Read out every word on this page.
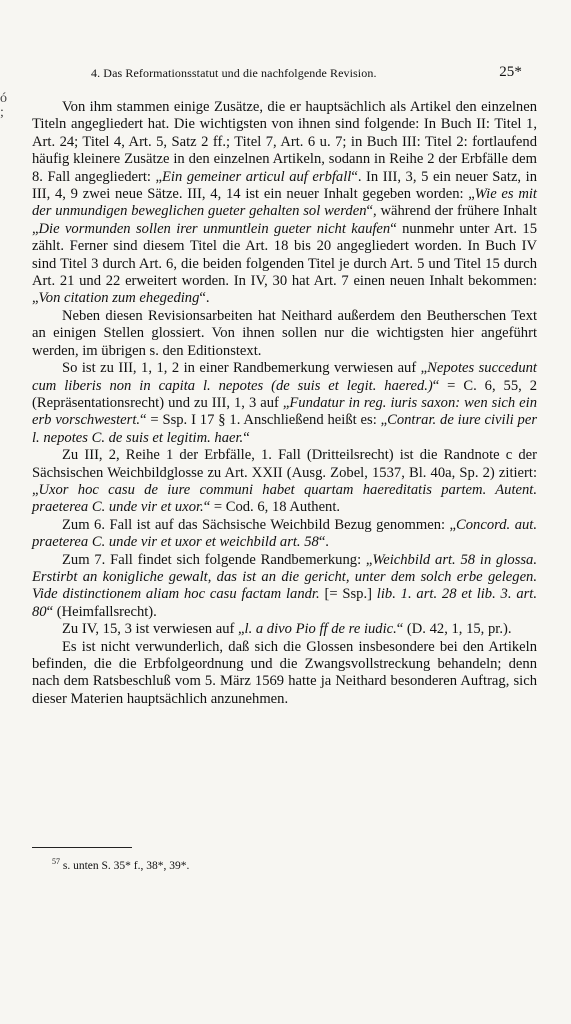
ó
;
4. Das Reformationsstatut und die nachfolgende Revision.	25*

Von ihm stammen einige Zusätze, die er hauptsächlich als Artikel den einzelnen Titeln angegliedert hat. Die wichtigsten von ihnen sind folgende: In Buch II: Titel 1, Art. 24; Titel 4, Art. 5, Satz 2 ff.; Titel 7, Art. 6 u. 7; in Buch III: Titel 2: fortlaufend häufig kleinere Zusätze in den einzelnen Artikeln, sodann in Reihe 2 der Erbfälle dem 8. Fall angegliedert: „Ein gemeiner articul auf erbfall“. In III, 3, 5 ein neuer Satz, in III, 4, 9 zwei neue Sätze. III, 4, 14 ist ein neuer Inhalt gegeben worden: „Wie es mit der unmundigen beweglichen gueter gehalten sol werden“, während der frühere Inhalt „Die vormunden sollen irer unmuntlein gueter nicht kaufen“ nunmehr unter Art. 15 zählt. Ferner sind diesem Titel die Art. 18 bis 20 angegliedert worden. In Buch IV sind Titel 3 durch Art. 6, die beiden folgenden Titel je durch Art. 5 und Titel 15 durch Art. 21 und 22 erweitert worden. In IV, 30 hat Art. 7 einen neuen Inhalt bekommen: „Von citation zum ehegeding“.

Neben diesen Revisionsarbeiten hat Neithard außerdem den Beutherschen Text an einigen Stellen glossiert. Von ihnen sollen nur die wichtigsten hier angeführt werden, im übrigen s. den Editionstext.

So ist zu III, 1, 1, 2 in einer Randbemerkung verwiesen auf „Nepotes succedunt cum liberis non in capita l. nepotes (de suis et legit. haered.)“ = C. 6, 55, 2 (Repräsentationsrecht) und zu III, 1, 3 auf „Fundatur in reg. iuris saxon: wen sich ein erb vorschwestert.“ = Ssp. I 17 § 1. Anschließend heißt es: „Contrar. de iure civili per l. nepotes C. de suis et legitim. haer.“

Zu III, 2, Reihe 1 der Erbfälle, 1. Fall (Dritteilsrecht) ist die Randnote c der Sächsischen Weichbildglosse zu Art. XXII (Ausg. Zobel, 1537, Bl. 40a, Sp. 2) zitiert: „Uxor hoc casu de iure communi habet quartam haereditatis partem. Autent. praeterea C. unde vir et uxor.“ = Cod. 6, 18 Authent.

Zum 6. Fall ist auf das Sächsische Weichbild Bezug genommen: „Concord. aut. praeterea C. unde vir et uxor et weichbild art. 58“.

Zum 7. Fall findet sich folgende Randbemerkung: „Weichbild art. 58 in glossa. Erstirbt an konigliche gewalt, das ist an die gericht, unter dem solch erbe gelegen. Vide distinctionem aliam hoc casu factam landr. [= Ssp.] lib. 1. art. 28 et lib. 3. art. 80“ (Heimfallsrecht).

Zu IV, 15, 3 ist verwiesen auf „l. a divo Pio ff de re iudic.“ (D. 42, 1, 15, pr.).

Es ist nicht verwunderlich, daß sich die Glossen insbesondere bei den Artikeln befinden, die die Erbfolgeordnung und die Zwangsvollstreckung behandeln; denn nach dem Ratsbeschluß vom 5. März 1569 hatte ja Neithard besonderen Auftrag, sich dieser Materien hauptsächlich anzunehmen.

$^{57}$ s. unten S. 35* f., 38*, 39*.
